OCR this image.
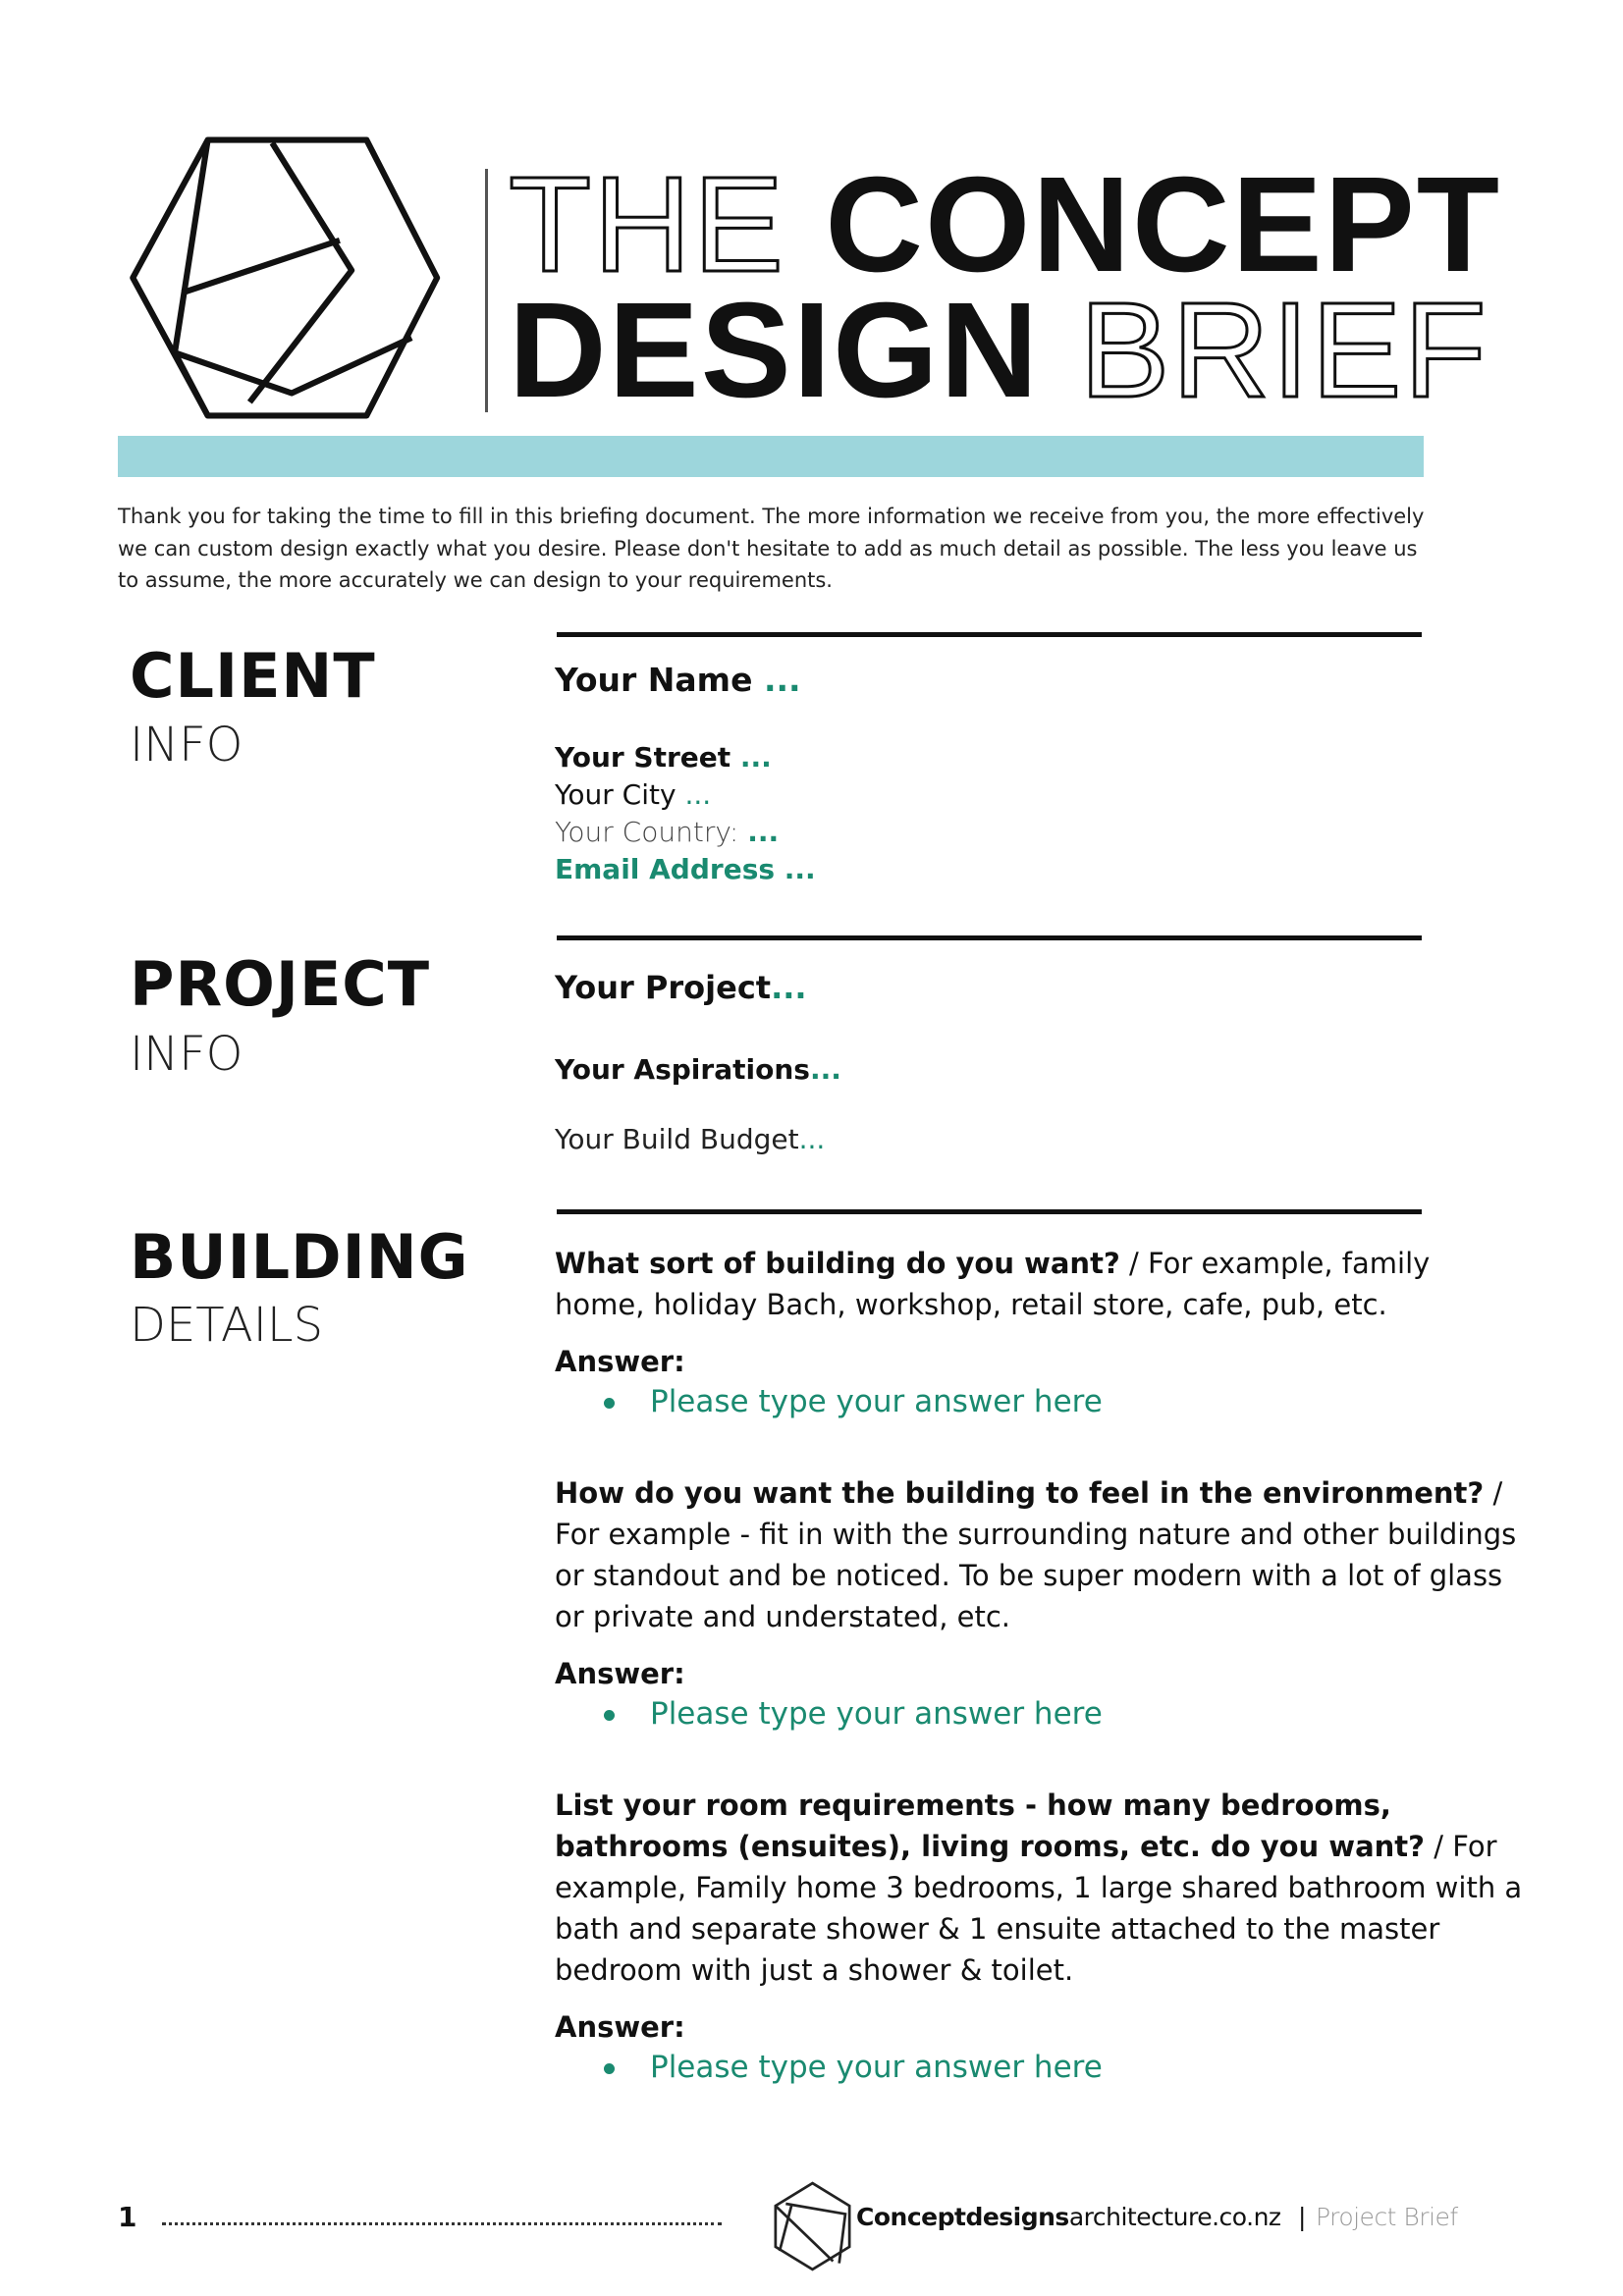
THE CONCEPT
DESIGN BRIEF
Thank you for taking the time to fill in this briefing document. The more information we receive from you, the more effectively we can custom design exactly what you desire. Please don't hesitate to add as much detail as possible. The less you leave us to assume, the more accurately we can design to your requirements.
CLIENT
INFO
Your Name ...
Your Street ...
Your City ...
Your Country: ...
Email Address ...
PROJECT
INFO
Your Project...
Your Aspirations...
Your Build Budget...
BUILDING
DETAILS
What sort of building do you want? / For example, family home, holiday Bach, workshop, retail store, cafe, pub, etc.
Answer:
Please type your answer here
How do you want the building to feel in the environment? / For example - fit in with the surrounding nature and other buildings or standout and be noticed. To be super modern with a lot of glass or private and understated, etc.
Answer:
Please type your answer here
List your room requirements - how many bedrooms, bathrooms (ensuites), living rooms, etc. do you want? / For example, Family home 3 bedrooms, 1 large shared bathroom with a bath and separate shower & 1 ensuite attached to the master bedroom with just a shower & toilet.
Answer:
Please type your answer here
1	Conceptdesignsarchitecture.co.nz | Project Brief
